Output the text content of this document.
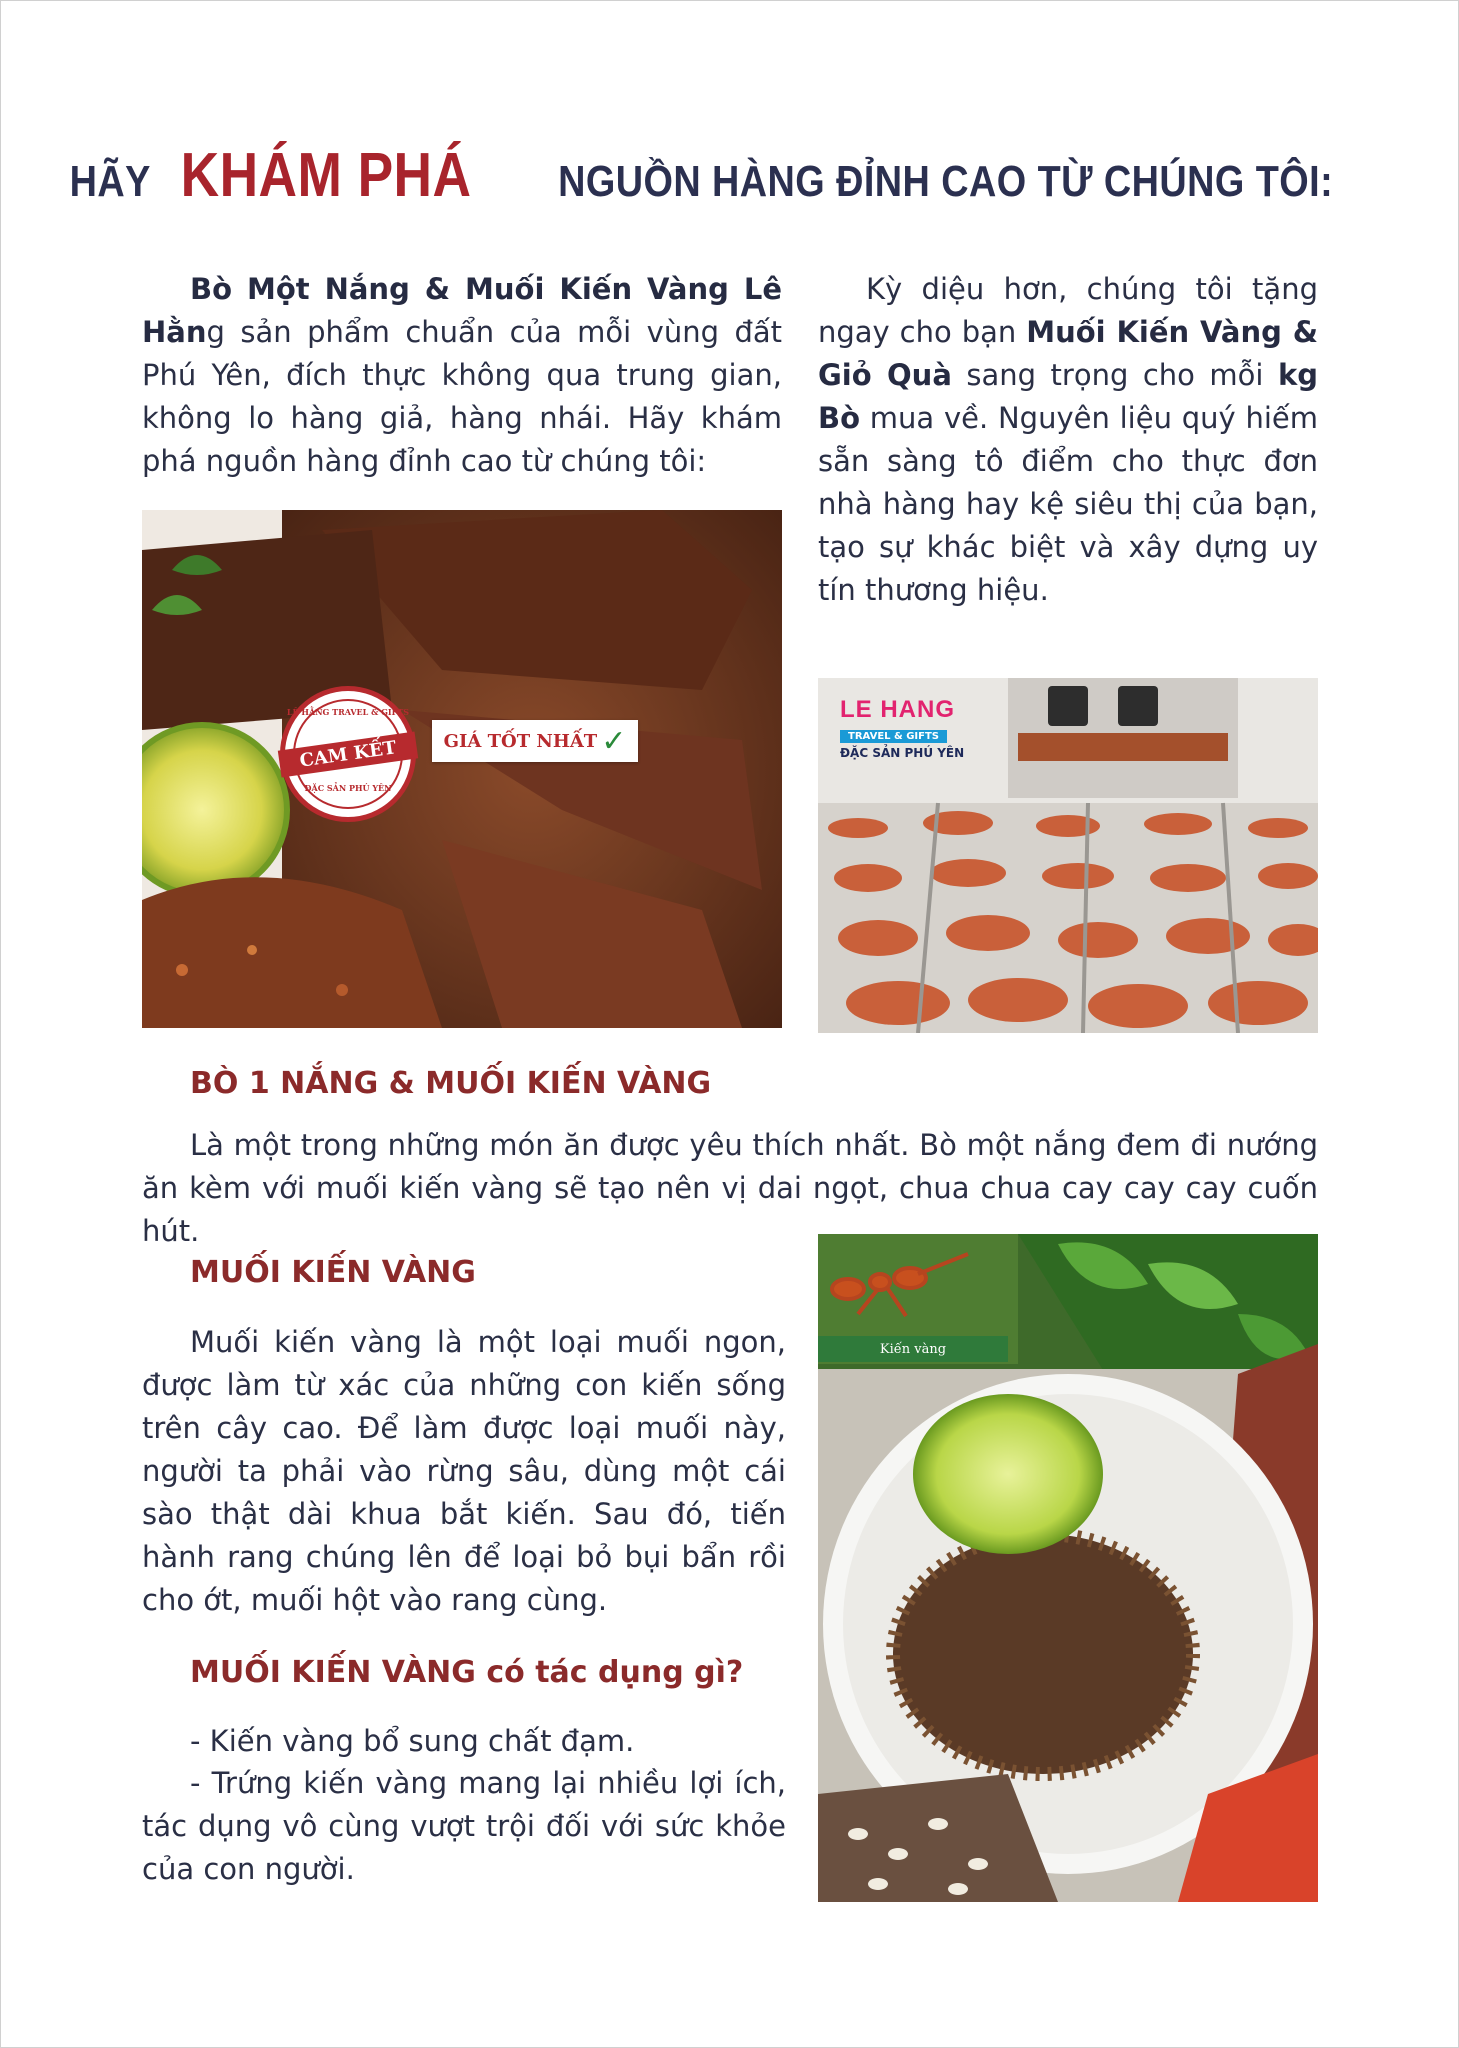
HÃYKHÁM PHÁNGUỒN HÀNG ĐỈNH CAO TỪ CHÚNG TÔI:

Bò Một Nắng & Muối Kiến Vàng Lê Hằng sản phẩm chuẩn của mỗi vùng đất Phú Yên, đích thực không qua trung gian, không lo hàng giả, hàng nhái. Hãy khám phá nguồn hàng đỉnh cao từ chúng tôi:

Kỳ diệu hơn, chúng tôi tặng ngay cho bạn Muối Kiến Vàng & Giỏ Quà sang trọng cho mỗi kg Bò mua về. Nguyên liệu quý hiếm sẵn sàng tô điểm cho thực đơn nhà hàng hay kệ siêu thị của bạn, tạo sự khác biệt và xây dựng uy tín thương hiệu.

LÊ HẰNG TRAVEL & GIFTS
CAM KẾT
ĐẶC SẢN PHÚ YÊN
GIÁ TỐT NHẤT ✓
LE HANG
TRAVEL & GIFTS
ĐẶC SẢN PHÚ YÊN
BÒ 1 NẮNG & MUỐI KIẾN VÀNG

Là một trong những món ăn được yêu thích nhất. Bò một nắng đem đi nướng ăn kèm với muối kiến vàng sẽ tạo nên vị dai ngọt, chua chua cay cay cay cuốn hút.

MUỐI KIẾN VÀNG

Muối kiến vàng là một loại muối ngon, được làm từ xác của những con kiến sống trên cây cao. Để làm được loại muối này, người ta phải vào rừng sâu, dùng một cái sào thật dài khua bắt kiến. Sau đó, tiến hành rang chúng lên để loại bỏ bụi bẩn rồi cho ớt, muối hột vào rang cùng.

MUỐI KIẾN VÀNG có tác dụng gì?

- Kiến vàng bổ sung chất đạm.

- Trứng kiến vàng mang lại nhiều lợi ích, tác dụng vô cùng vượt trội đối với sức khỏe của con người.

Kiến vàng
